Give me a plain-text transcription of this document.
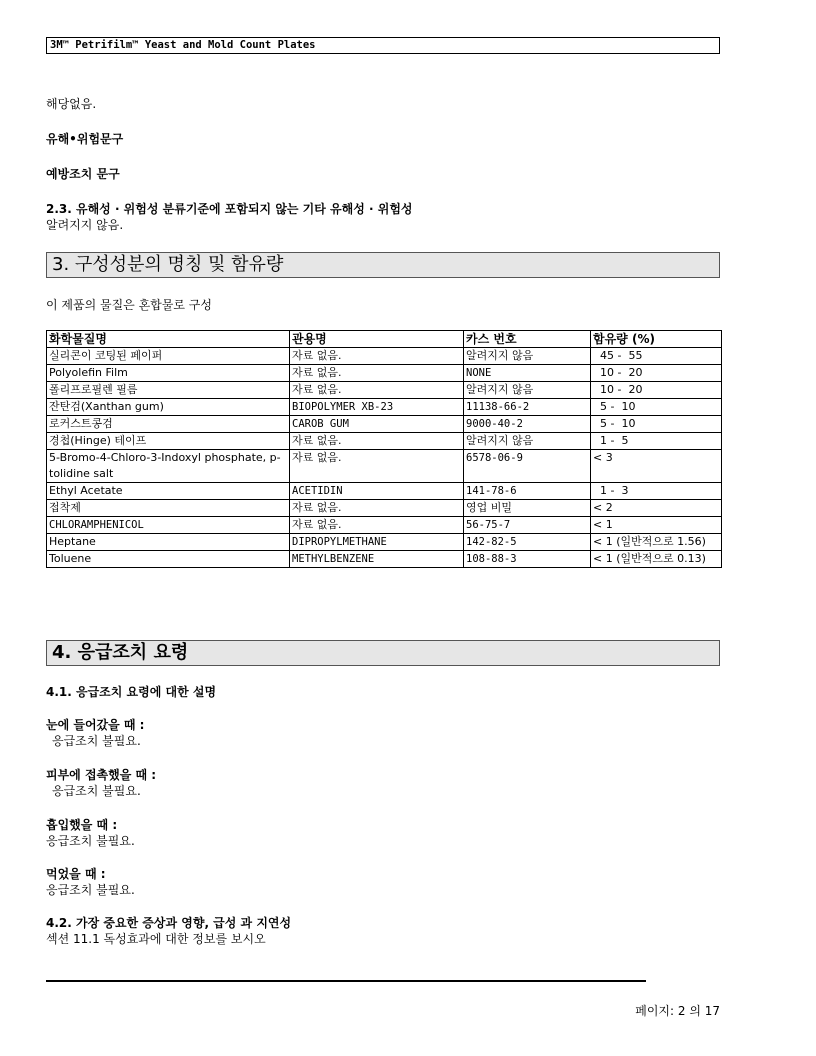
3M™ Petrifilm™ Yeast and Mold Count Plates
해당없음.
유해•위험문구
예방조치 문구
2.3. 유해성 · 위험성 분류기준에 포함되지 않는 기타 유해성 · 위험성
알려지지 않음.
3. 구성성분의 명칭 및 함유량
이 제품의 물질은 혼합물로 구성
화학물질명	관용명	카스 번호	함유량 (%)
실리콘이 코팅된 페이퍼	자료 없음.	알려지지 않음	45 -  55
Polyolefin Film	자료 없음.	NONE	10 -  20
폴리프로필렌 필름	자료 없음.	알려지지 않음	10 -  20
잔탄검(Xanthan gum)	BIOPOLYMER XB-23	11138-66-2	5 -  10
로커스트콩검	CAROB GUM	9000-40-2	5 -  10
경첩(Hinge) 테이프	자료 없음.	알려지지 않음	1 -  5
5-Bromo-4-Chloro-3-Indoxyl phosphate, p-tolidine salt	자료 없음.	6578-06-9	< 3
Ethyl Acetate	ACETIDIN	141-78-6	1 -  3
접착제	자료 없음.	영업 비밀	< 2
CHLORAMPHENICOL	자료 없음.	56-75-7	< 1
Heptane	DIPROPYLMETHANE	142-82-5	< 1 (일반적으로 1.56)
Toluene	METHYLBENZENE	108-88-3	< 1 (일반적으로 0.13)
4. 응급조치 요령
4.1. 응급조치 요령에 대한 설명
눈에 들어갔을 때 :
응급조치 불필요.
피부에 접촉했을 때 :
응급조치 불필요.
흡입했을 때 :
응급조치 불필요.
먹었을 때 :
응급조치 불필요.
4.2. 가장 중요한 증상과 영향, 급성 과 지연성
섹션 11.1 독성효과에 대한 정보를 보시오
페이지: 2 의 17
